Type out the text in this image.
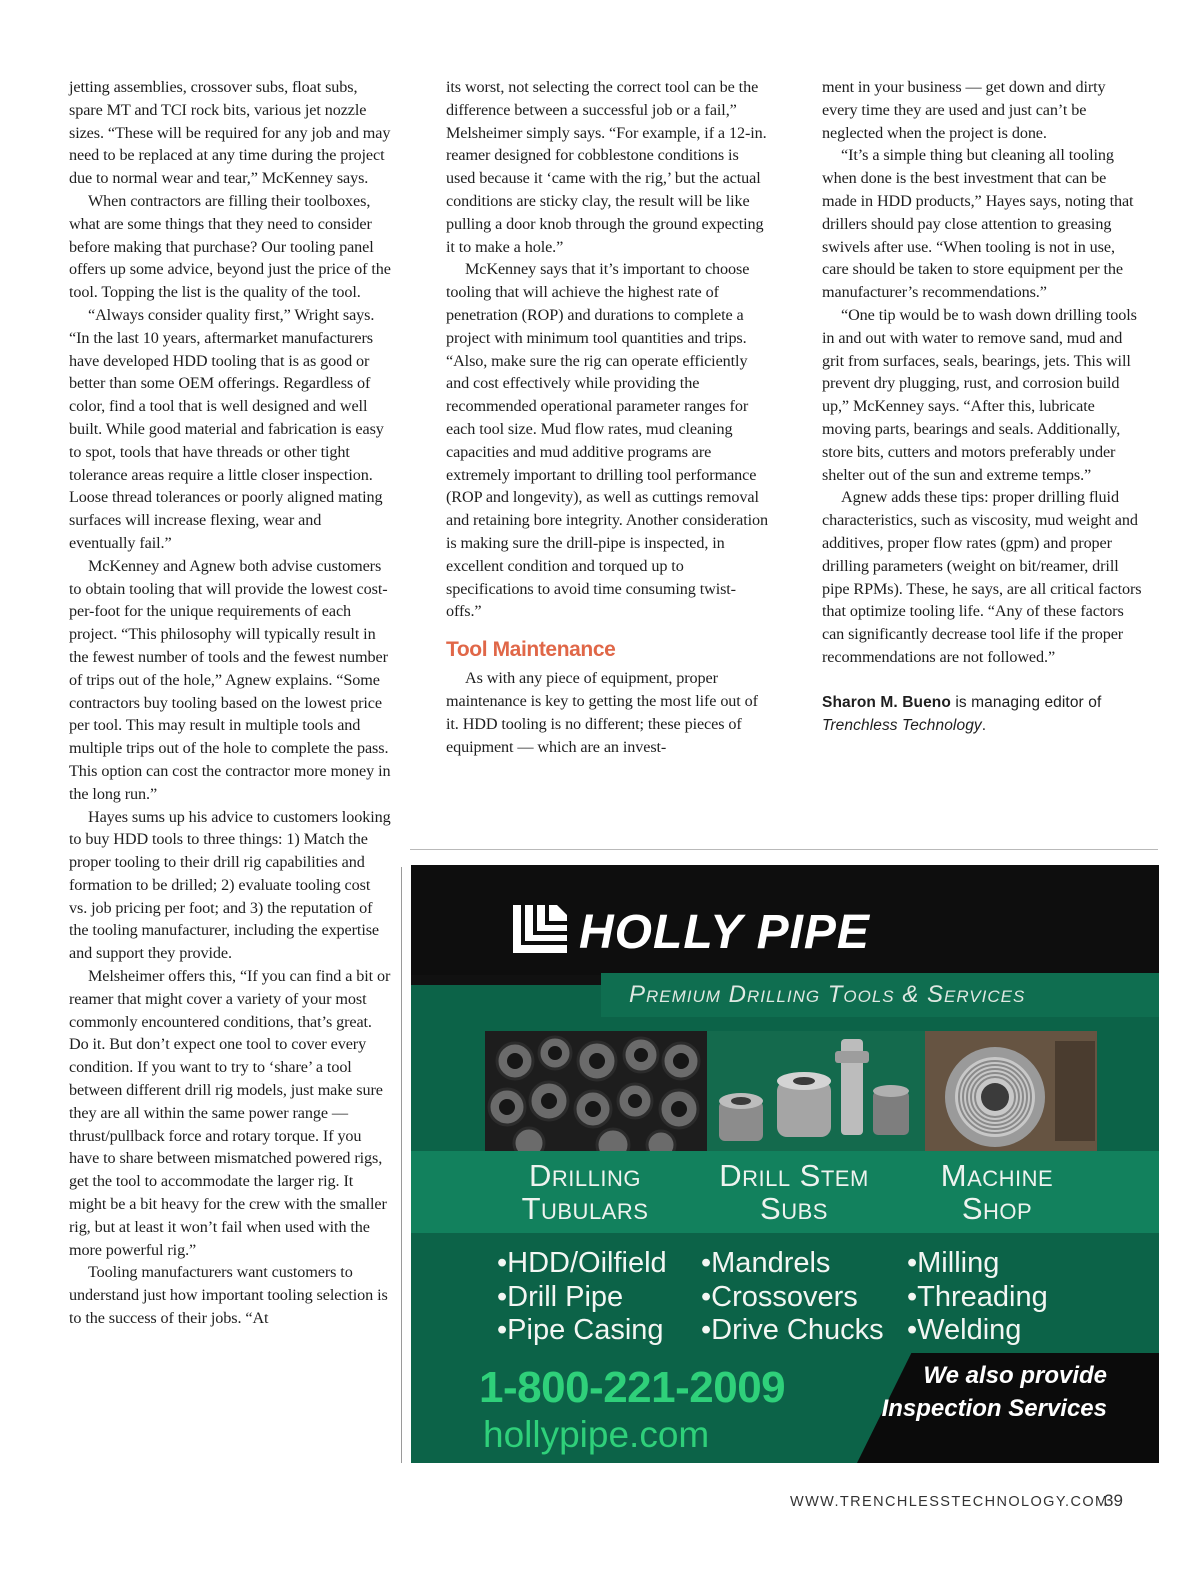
jetting assemblies, crossover subs, float subs, spare MT and TCI rock bits, various jet nozzle sizes. “These will be required for any job and may need to be replaced at any time during the project due to normal wear and tear,” McKenney says.

When contractors are filling their toolboxes, what are some things that they need to consider before making that purchase? Our tooling panel offers up some advice, beyond just the price of the tool. Topping the list is the quality of the tool.

“Always consider quality first,” Wright says. “In the last 10 years, aftermarket manufacturers have developed HDD tooling that is as good or better than some OEM offerings. Regardless of color, find a tool that is well designed and well built. While good material and fabrication is easy to spot, tools that have threads or other tight tolerance areas require a little closer inspection. Loose thread tolerances or poorly aligned mating surfaces will increase flexing, wear and eventually fail.”

McKenney and Agnew both advise customers to obtain tooling that will provide the lowest cost-per-foot for the unique requirements of each project. “This philosophy will typically result in the fewest number of tools and the fewest number of trips out of the hole,” Agnew explains. “Some contractors buy tooling based on the lowest price per tool. This may result in multiple tools and multiple trips out of the hole to complete the pass. This option can cost the contractor more money in the long run.”

Hayes sums up his advice to customers looking to buy HDD tools to three things: 1) Match the proper tooling to their drill rig capabilities and formation to be drilled; 2) evaluate tooling cost vs. job pricing per foot; and 3) the reputation of the tooling manufacturer, including the expertise and support they provide.

Melsheimer offers this, “If you can find a bit or reamer that might cover a variety of your most commonly encountered conditions, that’s great. Do it. But don’t expect one tool to cover every condition. If you want to try to ‘share’ a tool between different drill rig models, just make sure they are all within the same power range — thrust/pullback force and rotary torque. If you have to share between mismatched powered rigs, get the tool to accommodate the larger rig. It might be a bit heavy for the crew with the smaller rig, but at least it won’t fail when used with the more powerful rig.”

Tooling manufacturers want customers to understand just how important tooling selection is to the success of their jobs. “At

its worst, not selecting the correct tool can be the difference between a successful job or a fail,” Melsheimer simply says. “For example, if a 12-in. reamer designed for cobblestone conditions is used because it ‘came with the rig,’ but the actual conditions are sticky clay, the result will be like pulling a door knob through the ground expecting it to make a hole.”

McKenney says that it’s important to choose tooling that will achieve the highest rate of penetration (ROP) and durations to complete a project with minimum tool quantities and trips. “Also, make sure the rig can operate efficiently and cost effectively while providing the recommended operational parameter ranges for each tool size. Mud flow rates, mud cleaning capacities and mud additive programs are extremely important to drilling tool performance (ROP and longevity), as well as cuttings removal and retaining bore integrity. Another consideration is making sure the drill-pipe is inspected, in excellent condition and torqued up to specifications to avoid time consuming twist-offs.”

Tool Maintenance

As with any piece of equipment, proper maintenance is key to getting the most life out of it. HDD tooling is no different; these pieces of equipment — which are an invest-

ment in your business — get down and dirty every time they are used and just can’t be neglected when the project is done.

“It’s a simple thing but cleaning all tooling when done is the best investment that can be made in HDD products,” Hayes says, noting that drillers should pay close attention to greasing swivels after use. “When tooling is not in use, care should be taken to store equipment per the manufacturer’s recommendations.”

“One tip would be to wash down drilling tools in and out with water to remove sand, mud and grit from surfaces, seals, bearings, jets. This will prevent dry plugging, rust, and corrosion build up,” McKenney says. “After this, lubricate moving parts, bearings and seals. Additionally, store bits, cutters and motors preferably under shelter out of the sun and extreme temps.”

Agnew adds these tips: proper drilling fluid characteristics, such as viscosity, mud weight and additives, proper flow rates (gpm) and proper drilling parameters (weight on bit/reamer, drill pipe RPMs). These, he says, are all critical factors that optimize tooling life. “Any of these factors can significantly decrease tool life if the proper recommendations are not followed.”

Sharon M. Bueno is managing editor of Trenchless Technology.

HOLLY PIPE
Premium Drilling Tools & Services
Drilling
Tubulars
Drill Stem
Subs
Machine
Shop
•HDD/Oilfield
•Drill Pipe
•Pipe Casing
•Mandrels
•Crossovers
•Drive Chucks
•Milling
•Threading
•Welding
We also provide
Inspection Services
1-800-221-2009
hollypipe.com
WWW.TRENCHLESSTECHNOLOGY.COM
39
